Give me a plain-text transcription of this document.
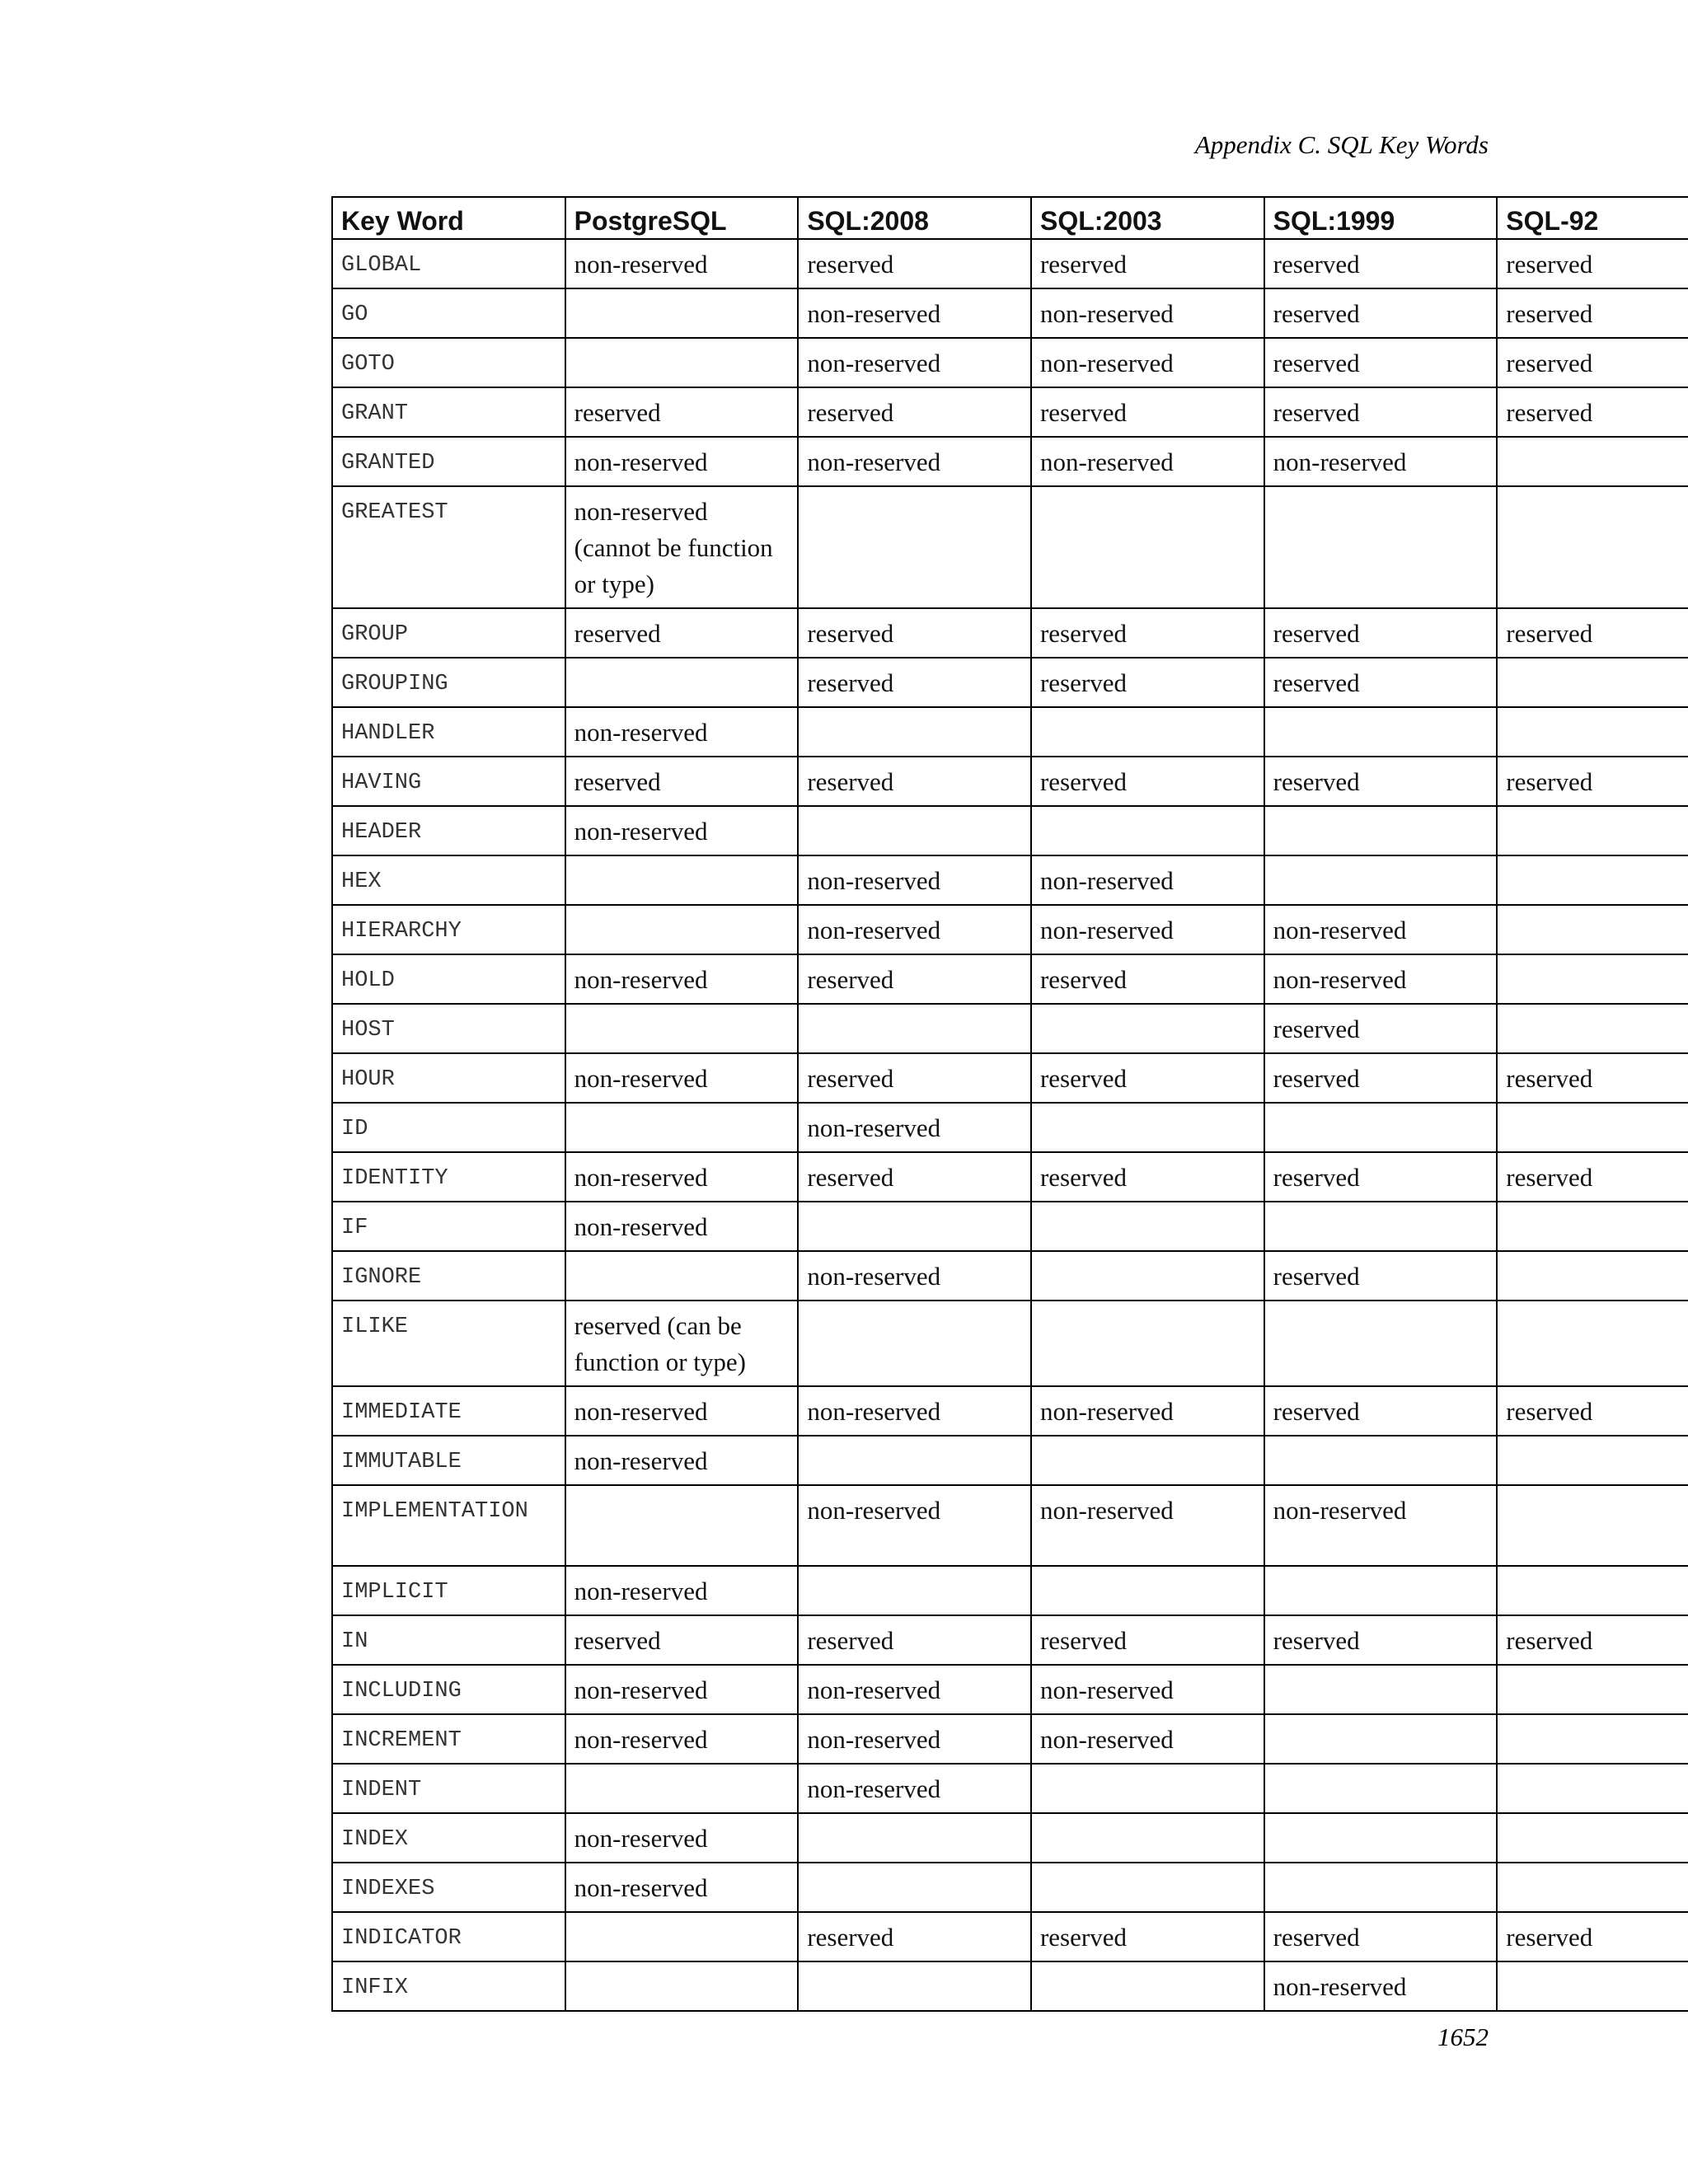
Appendix C. SQL Key Words
Key Word	PostgreSQL	SQL:2008	SQL:2003	SQL:1999	SQL-92
GLOBAL	non-reserved	reserved	reserved	reserved	reserved
GO		non-reserved	non-reserved	reserved	reserved
GOTO		non-reserved	non-reserved	reserved	reserved
GRANT	reserved	reserved	reserved	reserved	reserved
GRANTED	non-reserved	non-reserved	non-reserved	non-reserved	
GREATEST	non-reserved (cannot be function or type)				
GROUP	reserved	reserved	reserved	reserved	reserved
GROUPING		reserved	reserved	reserved	
HANDLER	non-reserved				
HAVING	reserved	reserved	reserved	reserved	reserved
HEADER	non-reserved				
HEX		non-reserved	non-reserved		
HIERARCHY		non-reserved	non-reserved	non-reserved	
HOLD	non-reserved	reserved	reserved	non-reserved	
HOST				reserved	
HOUR	non-reserved	reserved	reserved	reserved	reserved
ID		non-reserved			
IDENTITY	non-reserved	reserved	reserved	reserved	reserved
IF	non-reserved				
IGNORE		non-reserved		reserved	
ILIKE	reserved (can be function or type)				
IMMEDIATE	non-reserved	non-reserved	non-reserved	reserved	reserved
IMMUTABLE	non-reserved				
IMPLEMENTATION		non-reserved	non-reserved	non-reserved	
IMPLICIT	non-reserved				
IN	reserved	reserved	reserved	reserved	reserved
INCLUDING	non-reserved	non-reserved	non-reserved		
INCREMENT	non-reserved	non-reserved	non-reserved		
INDENT		non-reserved			
INDEX	non-reserved				
INDEXES	non-reserved				
INDICATOR		reserved	reserved	reserved	reserved
INFIX				non-reserved	
1652
